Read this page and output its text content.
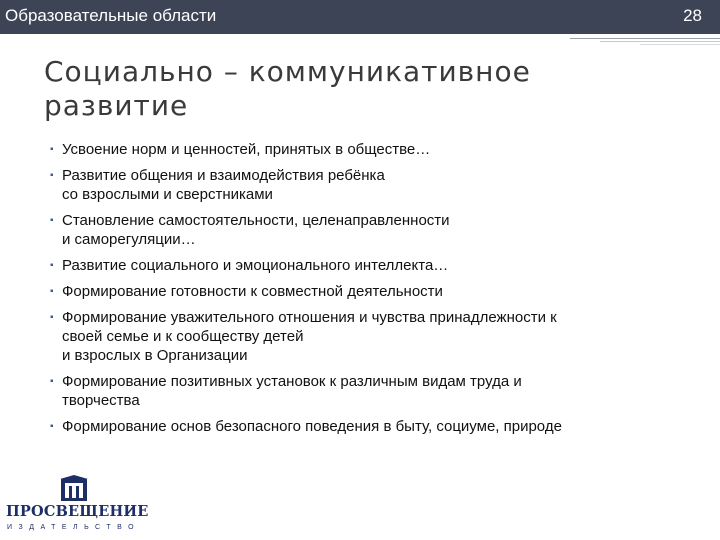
Образовательные области	28
Социально – коммуникативное
развитие
▪ Усвоение норм и ценностей, принятых в обществе…
▪ Развитие общения и взаимодействия ребёнка
со взрослыми и сверстниками
▪ Становление самостоятельности, целенаправленности
и саморегуляции…
▪ Развитие социального и эмоционального интеллекта…
▪ Формирование готовности к совместной деятельности
▪ Формирование уважительного отношения и чувства принадлежности к
своей семье и к сообществу детей
и взрослых в Организации
▪ Формирование позитивных установок к различным видам труда и
творчества
▪ Формирование основ безопасного поведения в быту, социуме, природе
ПРОСВЕЩЕНИЕ
ИЗДАТЕЛЬСТВО
